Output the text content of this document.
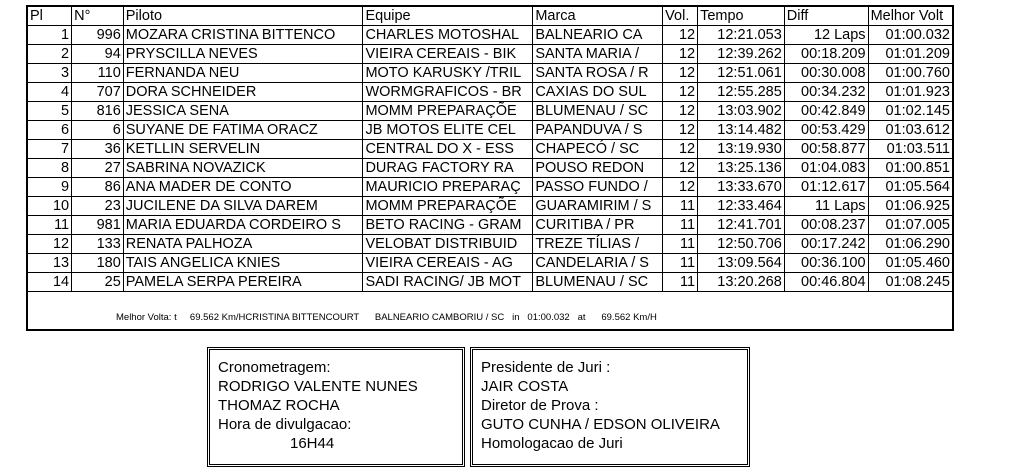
Pl	N°	Piloto	Equipe	Marca	Vol.	Tempo	Diff	Melhor Volt
1	996	MOZARA CRISTINA BITTENCO	CHARLES MOTOSHAL	BALNEARIO CA	12	12:21.053	12 Laps	01:00.032
2	94	PRYSCILLA NEVES	VIEIRA CEREAIS - BIK	SANTA MARIA /	12	12:39.262	00:18.209	01:01.209
3	110	FERNANDA NEU	MOTO KARUSKY /TRIL	SANTA ROSA / R	12	12:51.061	00:30.008	01:00.760
4	707	DORA SCHNEIDER	WORMGRAFICOS - BR	CAXIAS DO SUL	12	12:55.285	00:34.232	01:01.923
5	816	JESSICA SENA	MOMM PREPARAÇÕE	BLUMENAU / SC	12	13:03.902	00:42.849	01:02.145
6	6	SUYANE DE FATIMA ORACZ	JB MOTOS ELITE CEL	PAPANDUVA / S	12	13:14.482	00:53.429	01:03.612
7	36	KETLLIN SERVELIN	CENTRAL DO X - ESS	CHAPECÓ / SC	12	13:19.930	00:58.877	01:03.511
8	27	SABRINA NOVAZICK	DURAG FACTORY RA	POUSO REDON	12	13:25.136	01:04.083	01:00.851
9	86	ANA MADER DE CONTO	MAURICIO PREPARAÇ	PASSO FUNDO /	12	13:33.670	01:12.617	01:05.564
10	23	JUCILENE DA SILVA DAREM	MOMM PREPARAÇÕE	GUARAMIRIM / S	11	12:33.464	11 Laps	01:06.925
11	981	MARIA EDUARDA CORDEIRO S	BETO RACING - GRAM	CURITIBA / PR	11	12:41.701	00:08.237	01:07.005
12	133	RENATA PALHOZA	VELOBAT DISTRIBUID	TREZE TÍLIAS /	11	12:50.706	00:17.242	01:06.290
13	180	TAIS ANGELICA KNIES	VIEIRA CEREAIS - AG	CANDELARIA / S	11	13:09.564	00:36.100	01:05.460
14	25	PAMELA SERPA PEREIRA	SADI RACING/ JB MOT	BLUMENAU / SC	11	13:20.268	00:46.804	01:08.245
Melhor Volta: t     69.562 Km/HCRISTINA BITTENCOURT      BALNEARIO CAMBORIU / SC   in   01:00.032   at      69.562 Km/H
Cronometragem:
RODRIGO VALENTE NUNES
THOMAZ ROCHA
Hora de divulgacao:
16H44
Presidente de Juri :
JAIR COSTA
Diretor de Prova :
GUTO CUNHA / EDSON OLIVEIRA
Homologacao de Juri
